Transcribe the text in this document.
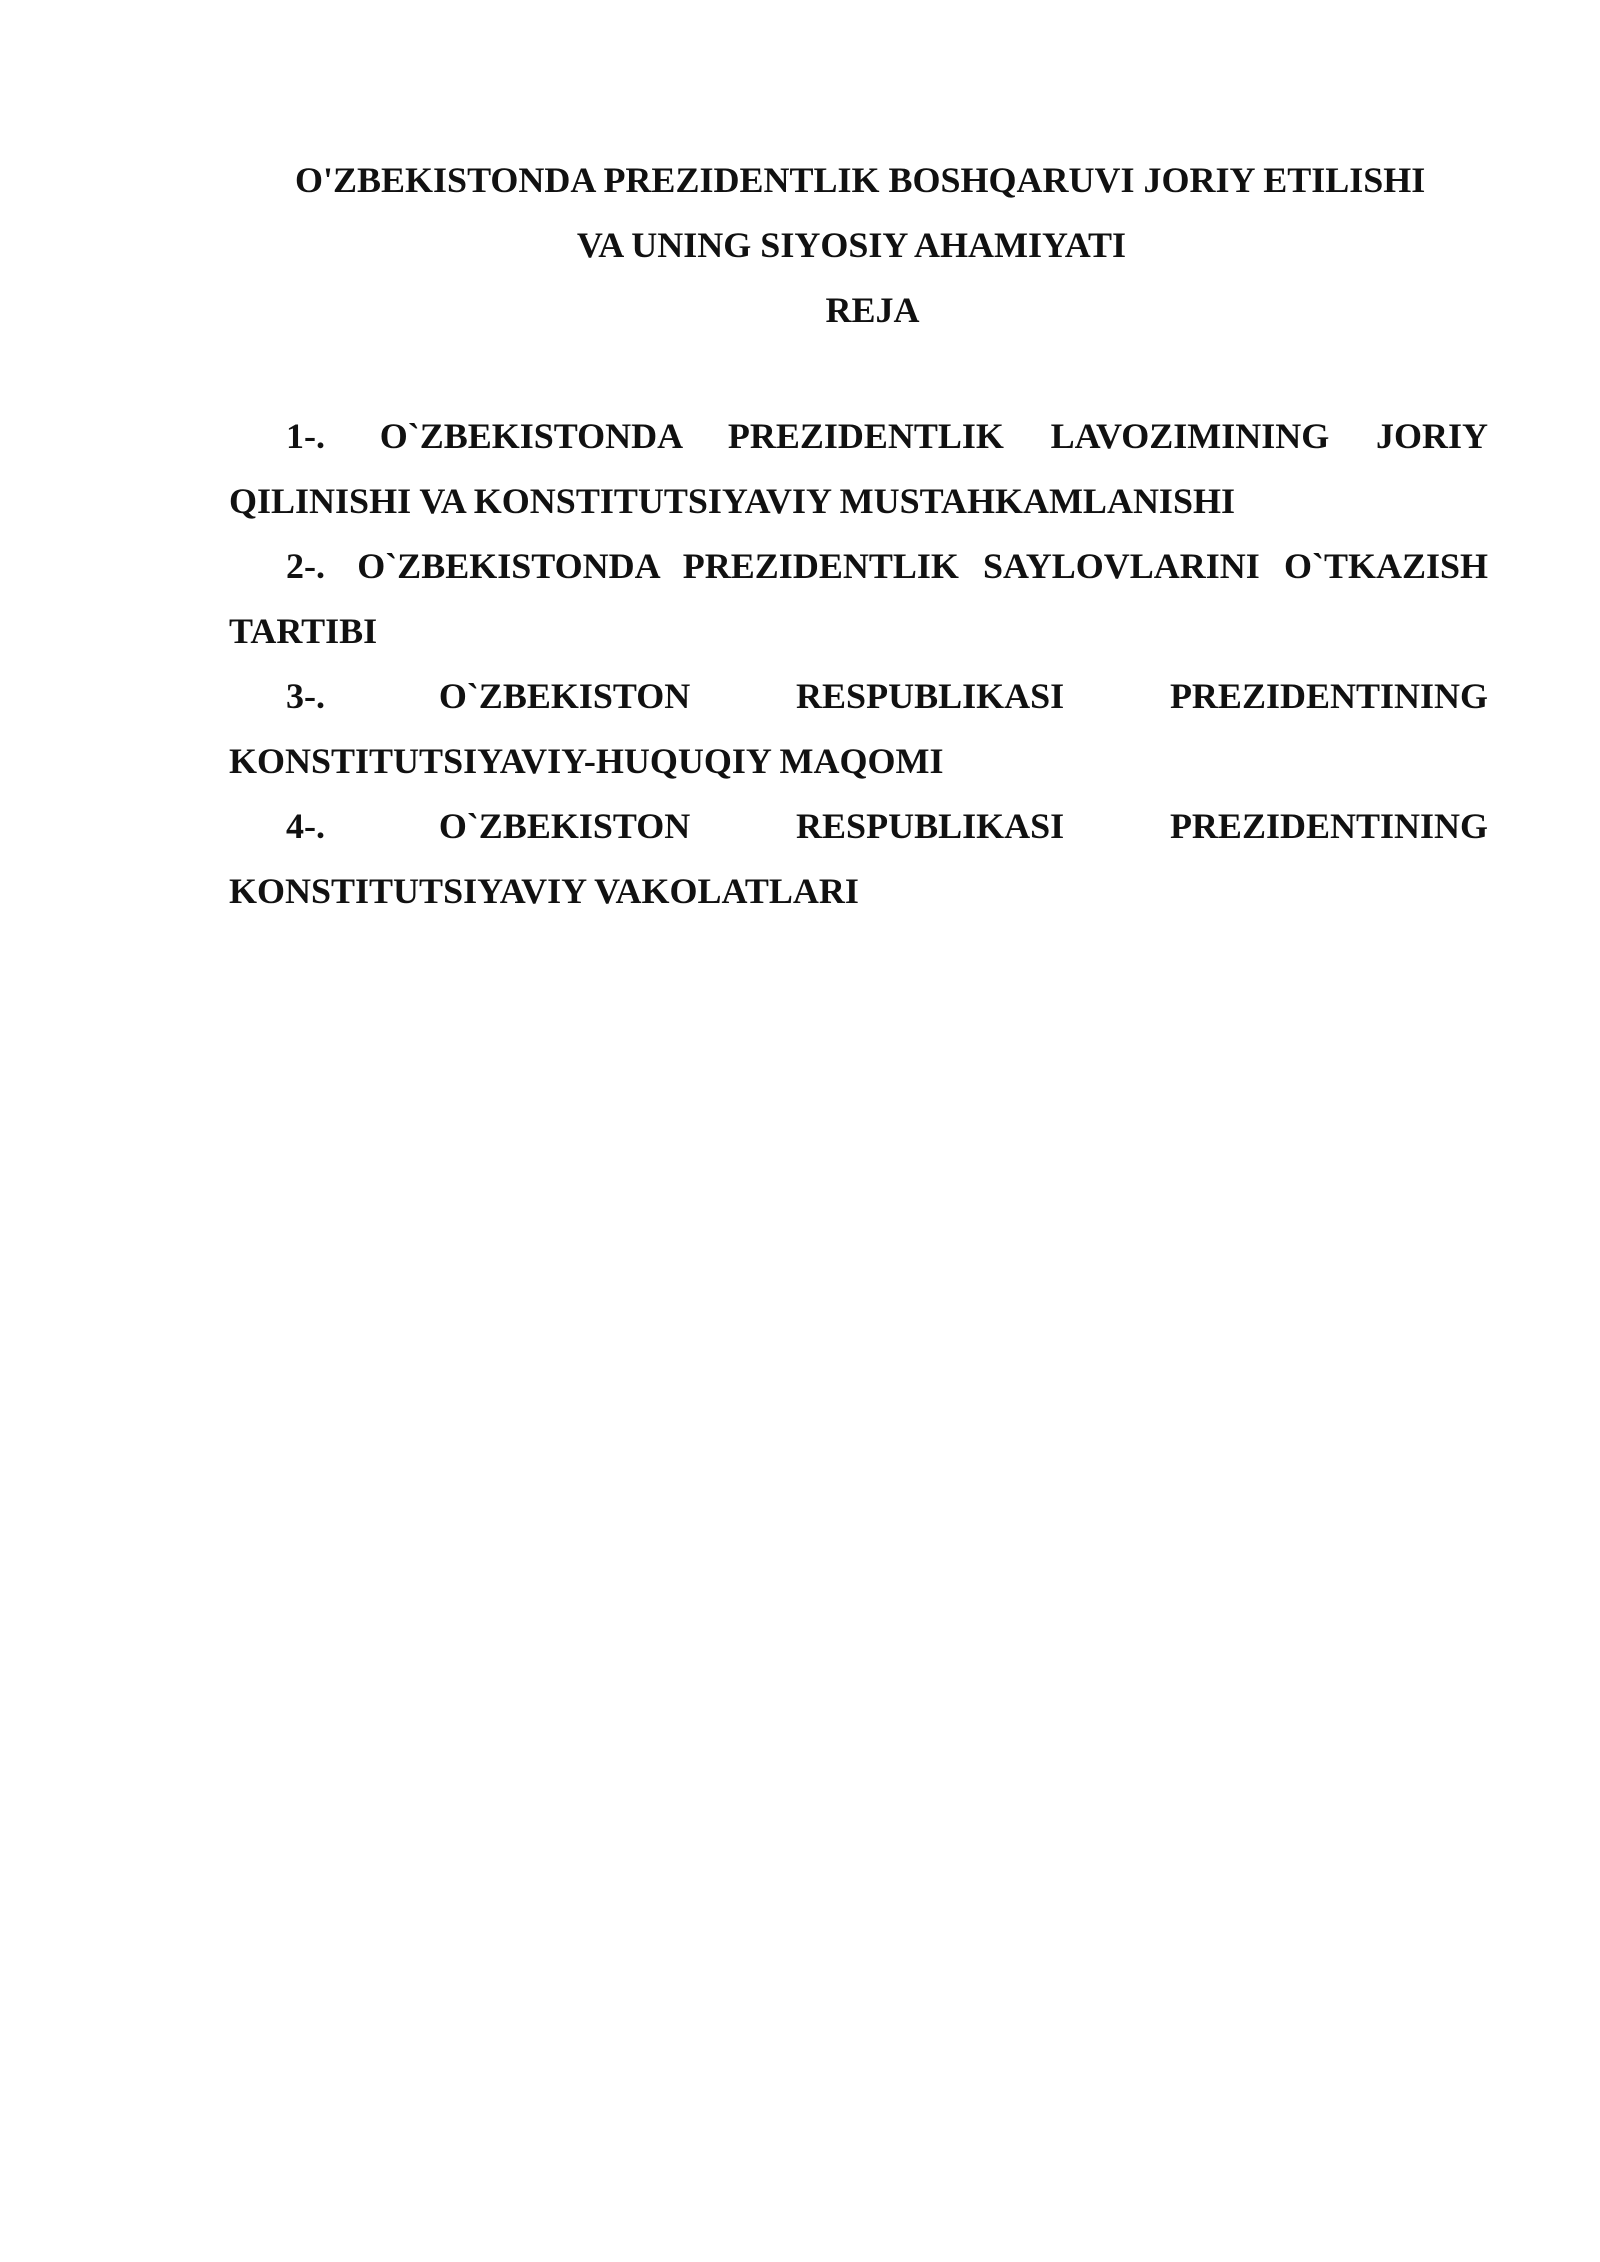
O'ZBEKISTONDA PREZIDENTLIK BOSHQARUVI JORIY ETILISHI
VA UNING SIYOSIY AHAMIYATI
REJA
1-. O`ZBEKISTONDA PREZIDENTLIK LAVOZIMINING JORIY QILINISHI VA KONSTITUTSIYAVIY MUSTAHKAMLANISHI
2-. O`ZBEKISTONDA PREZIDENTLIK SAYLOVLARINI O`TKAZISH TARTIBI
3-.	O`ZBEKISTON RESPUBLIKASI PREZIDENTINING KONSTITUTSIYAVIY-HUQUQIY MAQOMI
4-.	O`ZBEKISTON RESPUBLIKASI PREZIDENTINING KONSTITUTSIYAVIY VAKOLATLARI
